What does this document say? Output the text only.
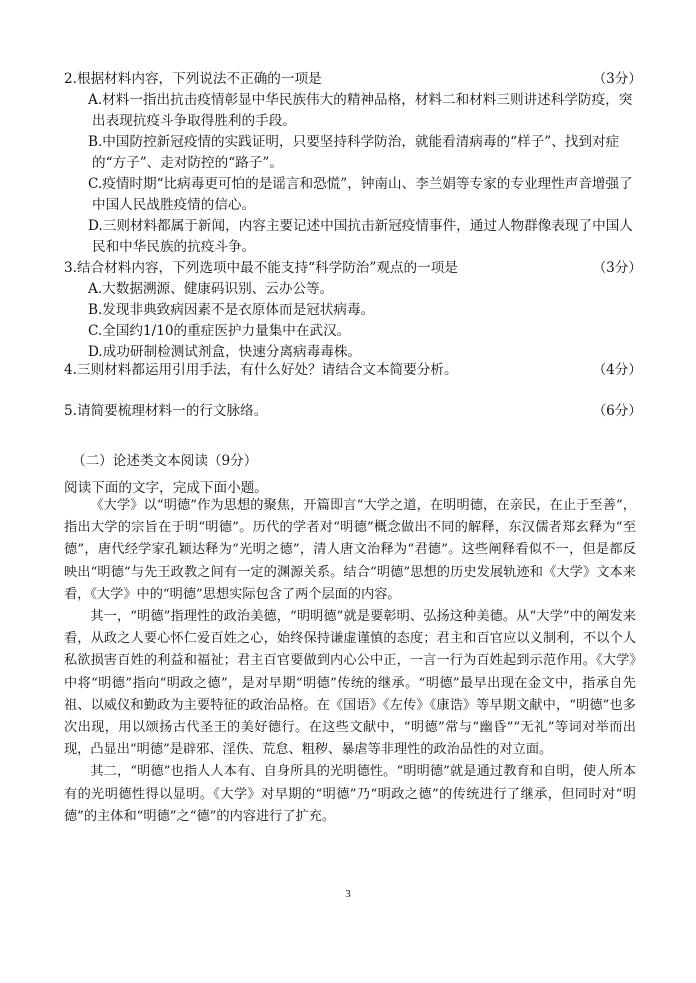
2.根据材料内容，下列说法不正确的一项是	（3分）
A.材料一指出抗击疫情彰显中华民族伟大的精神品格，材料二和材料三则讲述科学防疫，突出表现抗疫斗争取得胜利的手段。
B.中国防控新冠疫情的实践证明，只要坚持科学防治，就能看清病毒的“样子”、找到对症的“方子”、走对防控的“路子”。
C.疫情时期“比病毒更可怕的是谣言和恐慌”，钟南山、李兰娟等专家的专业理性声音增强了中国人民战胜疫情的信心。
D.三则材料都属于新闻，内容主要记述中国抗击新冠疫情事件，通过人物群像表现了中国人民和中华民族的抗疫斗争。
3.结合材料内容，下列选项中最不能支持“科学防治”观点的一项是	（3分）
A.大数据溯源、健康码识别、云办公等。
B.发现非典致病因素不是衣原体而是冠状病毒。
C.全国约1/10的重症医护力量集中在武汉。
D.成功研制检测试剂盒，快速分离病毒毒株。
4.三则材料都运用引用手法，有什么好处？请结合文本简要分析。	（4分）
5.请简要梳理材料一的行文脉络。	（6分）
（二）论述类文本阅读（9分）
阅读下面的文字，完成下面小题。

《大学》以“明德”作为思想的聚焦，开篇即言“大学之道，在明明德，在亲民，在止于至善”，指出大学的宗旨在于明“明德”。历代的学者对“明德”概念做出不同的解释，东汉儒者郑玄释为“至德”，唐代经学家孔颖达释为“光明之德”，清人唐文治释为“君德”。这些阐释看似不一，但是都反映出“明德”与先王政教之间有一定的渊源关系。结合“明德”思想的历史发展轨迹和《大学》文本来看，《大学》中的“明德”思想实际包含了两个层面的内容。

其一，“明德”指理性的政治美德，“明明德”就是要彰明、弘扬这种美德。从“大学”中的阐发来看，从政之人要心怀仁爱百姓之心，始终保持谦虚谨慎的态度；君主和百官应以义制利，不以个人私欲损害百姓的利益和福祉；君主百官要做到内心公中正，一言一行为百姓起到示范作用。《大学》中将“明德”指向“明政之德”，是对早期“明德”传统的继承。“明德”最早出现在金文中，指承自先祖、以威仪和勤政为主要特征的政治品格。在《国语》《左传》《康诰》等早期文献中，“明德”也多次出现，用以颂扬古代圣王的美好德行。在这些文献中，“明德”常与“幽昏”“无礼”等词对举而出现，凸显出“明德”是辟邪、淫佚、荒怠、粗秽、暴虐等非理性的政治品性的对立面。

其二，“明德”也指人人本有、自身所具的光明德性。“明明德”就是通过教育和自明，使人所本有的光明德性得以显明。《大学》对早期的“明德”乃“明政之德”的传统进行了继承，但同时对“明德”的主体和“明德”之“德”的内容进行了扩充。

3
